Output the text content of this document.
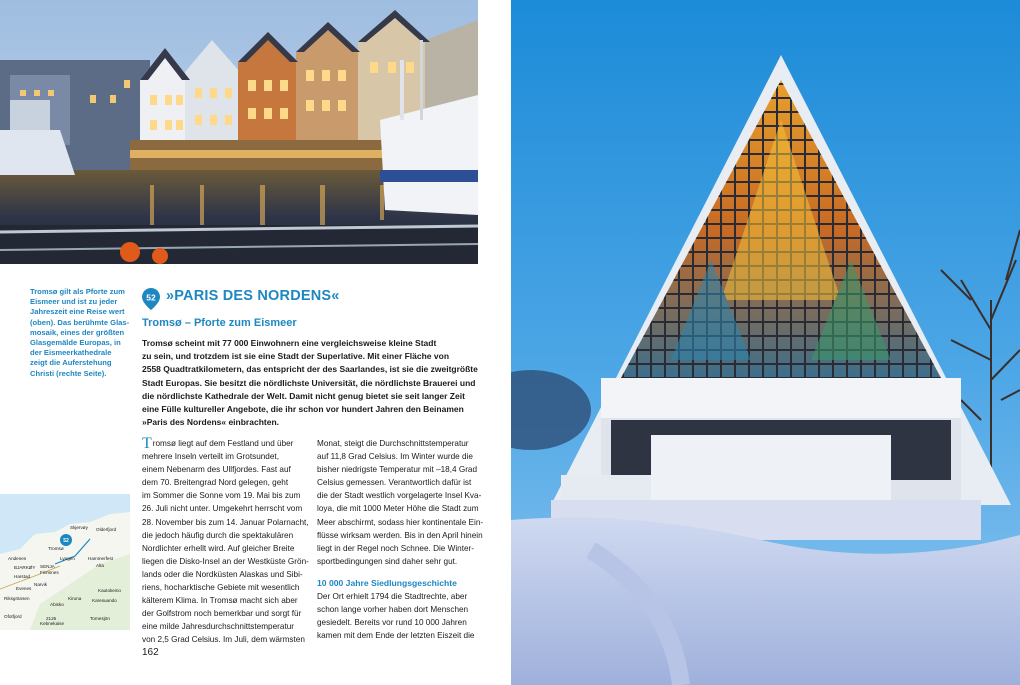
Tromsø gilt als Pforte zum Eismeer und ist zu jeder Jahreszeit eine Reise wert (oben). Das berühmte Glasmosaik, eines der größten Glasgemälde Europas, in der Eismeerkathedrale zeigt die Auferstehung Christi (rechte Seite).
52 »PARIS DES NORDENS«
Tromsø – Pforte zum Eismeer
Tromsø scheint mit 77 000 Einwohnern eine vergleichsweise kleine Stadt
zu sein, und trotzdem ist sie eine Stadt der Superlative. Mit einer Fläche von
2558 Quadtratkilometern, das entspricht der des Saarlandes, ist sie die zweitgrößte
Stadt Europas. Sie besitzt die nördlichste Universität, die nördlichste Brauerei und
die nördlichste Kathedrale der Welt. Damit nicht genug bietet sie seit langer Zeit
eine Fülle kultureller Angebote, die ihr schon vor hundert Jahren den Beinamen
»Paris des Nordens« einbrachten.
Tromsø liegt auf dem Festland und über
mehrere Inseln verteilt im Grotsundet,
einem Nebenarm des Ullfjordes. Fast auf
dem 70. Breitengrad Nord gelegen, geht
im Sommer die Sonne vom 19. Mai bis zum
26. Juli nicht unter. Umgekehrt herrscht vom
28. November bis zum 14. Januar Polarnacht,
die jedoch häufig durch die spektakulären
Nordlichter erhellt wird. Auf gleicher Breite
liegen die Disko-Insel an der Westküste Grön-
lands oder die Nordküsten Alaskas und Sibi-
riens, hocharktische Gebiete mit wesentlich
kälterem Klima. In Tromsø macht sich aber
der Golfstrom noch bemerkbar und sorgt für
eine milde Jahresdurchschnittstemperatur
von 2,5 Grad Celsius. Im Juli, dem wärmsten
Monat, steigt die Durchschnittstemperatur
auf 11,8 Grad Celsius. Im Winter wurde die
bisher niedrigste Temperatur mit –18,4 Grad
Celsius gemessen. Verantwortlich dafür ist
die der Stadt westlich vorgelagerte Insel Kva-
loya, die mit 1000 Meter Höhe die Stadt zum
Meer abschirmt, sodass hier kontinentale Ein-
flüsse wirksam werden. Bis in den April hinein
liegt in der Regel noch Schnee. Die Winter-
sportbedingungen sind daher sehr gut.
10 000 Jahre Siedlungsgeschichte
Der Ort erhielt 1794 die Stadtrechte, aber
schon lange vorher haben dort Menschen
gesiedelt. Bereits vor rund 10 000 Jahren
kamen mit dem Ende der letzten Eiszeit die
52
Skjervøy Olderfjord
Andenes
Tromsø
Hammerfest
BJARKØY SENJA
Finnsnes
Narvik
Harstad
Lyngen
Alta
Kautokeino
Karesuando
Evenes
Kiruna
Abisko
Riksgränsen
Kebnekaise
Tornesjön
Ofotfjord	2125
162
